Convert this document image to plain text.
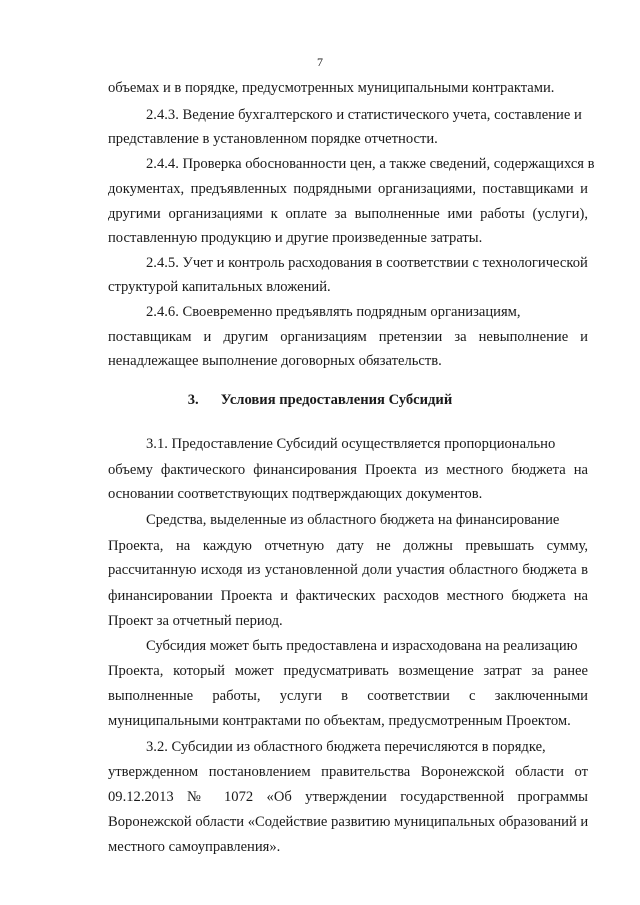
7
объемах и в порядке, предусмотренных муниципальными контрактами.
2.4.3. Ведение бухгалтерского и статистического учета, составление и
представление в установленном порядке отчетности.
2.4.4. Проверка обоснованности цен, а также сведений, содержащихся в
документах, предъявленных подрядными организациями, поставщиками и
другими организациями к оплате за выполненные ими работы (услуги),
поставленную продукцию и другие произведенные затраты.
2.4.5. Учет и контроль расходования в соответствии с технологической
структурой капитальных вложений.
2.4.6. Своевременно предъявлять подрядным организациям,
поставщикам и другим организациям претензии за невыполнение и
ненадлежащее выполнение договорных обязательств.
3. Условия предоставления Субсидий
3.1. Предоставление Субсидий осуществляется пропорционально
объему фактического финансирования Проекта из местного бюджета на
основании соответствующих подтверждающих документов.
Средства, выделенные из областного бюджета на финансирование
Проекта, на каждую отчетную дату не должны превышать сумму,
рассчитанную исходя из установленной доли участия областного бюджета в
финансировании Проекта и фактических расходов местного бюджета на
Проект за отчетный период.
Субсидия может быть предоставлена и израсходована на реализацию
Проекта, который может предусматривать возмещение затрат за ранее
выполненные работы, услуги в соответствии с заключенными
муниципальными контрактами по объектам, предусмотренным Проектом.
3.2. Субсидии из областного бюджета перечисляются в порядке,
утвержденном постановлением правительства Воронежской области от
09.12.2013 № 1072 «Об утверждении государственной программы
Воронежской области «Содействие развитию муниципальных образований и
местного самоуправления».
